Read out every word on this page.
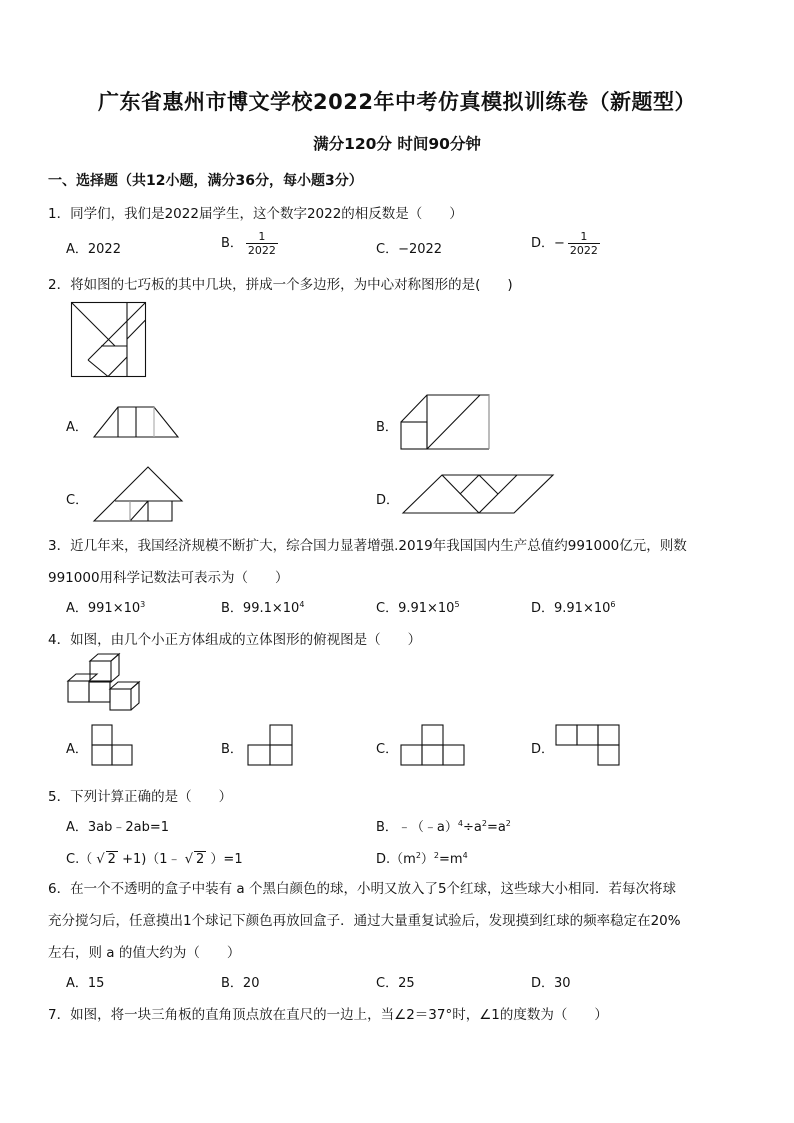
广东省惠州市博文学校2022年中考仿真模拟训练卷（新题型）
满分120分 时间90分钟
一、选择题（共12小题，满分36分，每小题3分）
1．同学们，我们是2022届学生，这个数字2022的相反数是（　　）
A．2022	B． $\frac{1}{2022}$	C．−2022	D．− $\frac{1}{2022}$
2．将如图的七巧板的其中几块，拼成一个多边形，为中心对称图形的是(　　)
A．	B．
C．	D．
3．近几年来，我国经济规模不断扩大，综合国力显著增强.2019年我国国内生产总值约991000亿元，则数
991000用科学记数法可表示为（　　）
A．$991\times 10^3$	B．$99.1\times 10^4$	C．$9.91\times 10^5$	D．$9.91\times 10^6$
4．如图，由几个小正方体组成的立体图形的俯视图是（　　）
A．	B．	C．	D．
5．下列计算正确的是（　　）
A．3ab﹣2ab=1	B．$﹣(﹣a)^4\div a^2=a^2$
C.（ √ 2 +1)（1﹣ √ 2 ）=1	$D.(m^2)^2=m^4$
6．在一个不透明的盒子中装有 a 个黑白颜色的球，小明又放入了5个红球，这些球大小相同．若每次将球
充分搅匀后，任意摸出1个球记下颜色再放回盒子．通过大量重复试验后，发现摸到红球的频率稳定在20%
左右，则 a 的值大约为（　　）
A．15	B．20	C．25	D．30
7．如图，将一块三角板的直角顶点放在直尺的一边上，当∠2＝37°时，∠1的度数为（　　）
